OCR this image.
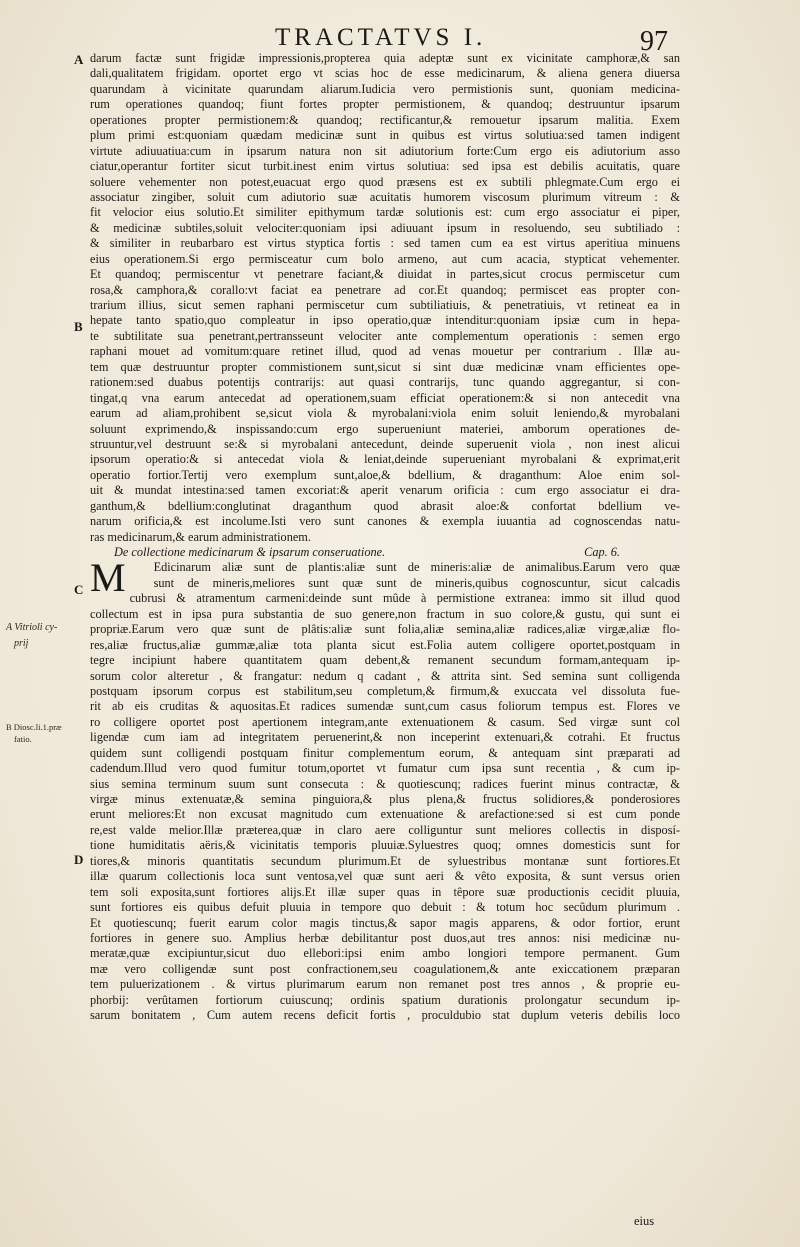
TRACTATVS I.	97
A
B
C
D
A Vitrioli cy-
prij
B Diosc.li.1.præ
fatio.
darum factæ sunt frigidæ impressionis,propterea quia adeptæ sunt ex vicinitate camphoræ,& san
dali,qualitatem frigidam. oportet ergo vt scias hoc de esse medicinarum, & aliena genera diuersa
quarundam à vicinitate quarundam aliarum.Iudicia vero permistionis sunt, quoniam medicina-
rum operationes quandoq; fiunt fortes propter permistionem, & quandoq; destruuntur ipsarum
operationes propter permistionem:& quandoq; rectificantur,& remouetur ipsarum malitia. Exem
plum primi est:quoniam quædam medicinæ sunt in quibus est virtus solutiua:sed tamen indigent
virtute adiuuatiua:cum in ipsarum natura non sit adiutorium forte:Cum ergo eis adiutorium asso
ciatur,operantur fortiter sicut turbit.inest enim virtus solutiua: sed ipsa est debilis acuitatis, quare
soluere vehementer non potest,euacuat ergo quod præsens est ex subtili phlegmate.Cum ergo ei
associatur zingiber, soluit cum adiutorio suæ acuitatis humorem viscosum plurimum vitreum : &
fit velocior eius solutio.Et similiter epithymum tardæ solutionis est: cum ergo associatur ei piper,
& medicinæ subtiles,soluit velociter:quoniam ipsi adiuuant ipsum in resoluendo, seu subtiliado :
& similiter in reubarbaro est virtus styptica fortis : sed tamen cum ea est virtus aperitiua minuens
eius operationem.Si ergo permisceatur cum bolo armeno, aut cum acacia, stypticat vehementer.
Et quandoq; permiscentur vt penetrare faciant,& diuidat in partes,sicut crocus permiscetur cum
rosa,& camphora,& corallo:vt faciat ea penetrare ad cor.Et quandoq; permiscet eas propter con-
trarium illius, sicut semen raphani permiscetur cum subtiliatiuis, & penetratiuis, vt retineat ea in
hepate tanto spatio,quo compleatur in ipso operatio,quæ intenditur:quoniam ipsiæ cum in hepa-
te subtilitate sua penetrant,pertransseunt velociter ante complementum operationis : semen ergo
raphani mouet ad vomitum:quare retinet illud, quod ad venas mouetur per contrarium . Illæ au-
tem quæ destruuntur propter commistionem sunt,sicut si sint duæ medicinæ vnam efficientes ope-
rationem:sed duabus potentijs contrarijs: aut quasi contrarijs, tunc quando aggregantur, si con-
tingat,q vna earum antecedat ad operationem,suam efficiat operationem:& si non antecedit vna
earum ad aliam,prohibent se,sicut viola & myrobalani:viola enim soluit leniendo,& myrobalani
soluunt exprimendo,& inspissando:cum ergo superueniunt materiei, amborum operationes de-
struuntur,vel destruunt se:& si myrobalani antecedunt, deinde superuenit viola , non inest alicui
ipsorum operatio:& si antecedat viola & leniat,deinde superueniant myrobalani & exprimat,erit
operatio fortior.Tertij vero exemplum sunt,aloe,& bdellium, & draganthum: Aloe enim sol-
uit & mundat intestina:sed tamen excoriat:& aperit venarum orificia : cum ergo associatur ei dra-
ganthum,& bdellium:conglutinat draganthum quod abrasit aloe:& confortat bdellium ve-
narum orificia,& est incolume.Isti vero sunt canones & exempla iuuantia ad cognoscendas natu-
ras medicinarum,& earum administrationem.
De collectione medicinarum & ipsarum conseruatione.	Cap. 6.
M	Edicinarum aliæ sunt de plantis:aliæ sunt de mineris:aliæ de animalibus.Earum vero quæ
sunt de mineris,meliores sunt quæ sunt de mineris,quibus cognoscuntur, sicut calcadis
cubrusi & atramentum carmeni:deinde sunt mûde à permistione extranea: immo sit illud quod
collectum est in ipsa pura substantia de suo genere,non fractum in suo colore,& gustu, qui sunt ei
propriæ.Earum vero quæ sunt de plâtis:aliæ sunt folia,aliæ semina,aliæ radices,aliæ virgæ,aliæ flo-
res,aliæ fructus,aliæ gummæ,aliæ tota planta sicut est.Folia autem colligere oportet,postquam in
tegre incipiunt habere quantitatem quam debent,& remanent secundum formam,antequam ip-
sorum color alteretur , & frangatur: nedum q cadant , & attrita sint. Sed semina sunt colligenda
postquam ipsorum corpus est stabilitum,seu completum,& firmum,& exuccata vel dissoluta fue-
rit ab eis cruditas & aquositas.Et radices sumendæ sunt,cum casus foliorum tempus est. Flores ve
ro colligere oportet post apertionem integram,ante extenuationem & casum. Sed virgæ sunt col
ligendæ cum iam ad integritatem peruenerint,& non inceperint extenuari,& cotrahi. Et fructus
quidem sunt colligendi postquam finitur complementum eorum, & antequam sint præparati ad
cadendum.Illud vero quod fumitur totum,oportet vt fumatur cum ipsa sunt recentia , & cum ip-
sius semina terminum suum sunt consecuta : & quotiescunq; radices fuerint minus contractæ, &
virgæ minus extenuatæ,& semina pinguiora,& plus plena,& fructus solidiores,& ponderosiores
erunt meliores:Et non excusat magnitudo cum extenuatione & arefactione:sed si est cum ponde
re,est valde melior.Illæ præterea,quæ in claro aere colliguntur sunt meliores collectis in disposí-
tione humiditatis aëris,& vicinitatis temporis pluuiæ.Syluestres quoq; omnes domesticis sunt for
tiores,& minoris quantitatis secundum plurimum.Et de syluestribus montanæ sunt fortiores.Et
illæ quarum collectionis loca sunt ventosa,vel quæ sunt aeri & vêto exposita, & sunt versus orien
tem soli exposita,sunt fortiores alijs.Et illæ super quas in têpore suæ productionis cecidit pluuia,
sunt fortiores eis quibus defuit pluuia in tempore quo debuit : & totum hoc secûdum plurimum .
Et quotiescunq; fuerit earum color magis tinctus,& sapor magis apparens, & odor fortior, erunt
fortiores in genere suo. Amplius herbæ debilitantur post duos,aut tres annos: nisi medicinæ nu-
meratæ,quæ excipiuntur,sicut duo ellebori:ipsi enim ambo longiori tempore permanent. Gum
mæ vero colligendæ sunt post confractionem,seu coagulationem,& ante exiccationem præparan
tem puluerizationem . & virtus plurimarum earum non remanet post tres annos , & proprie eu-
phorbij: verûtamen fortiorum cuiuscunq; ordinis spatium durationis prolongatur secundum ip-
sarum bonitatem , Cum autem recens deficit fortis , proculdubio stat duplum veteris debilis loco
eius
